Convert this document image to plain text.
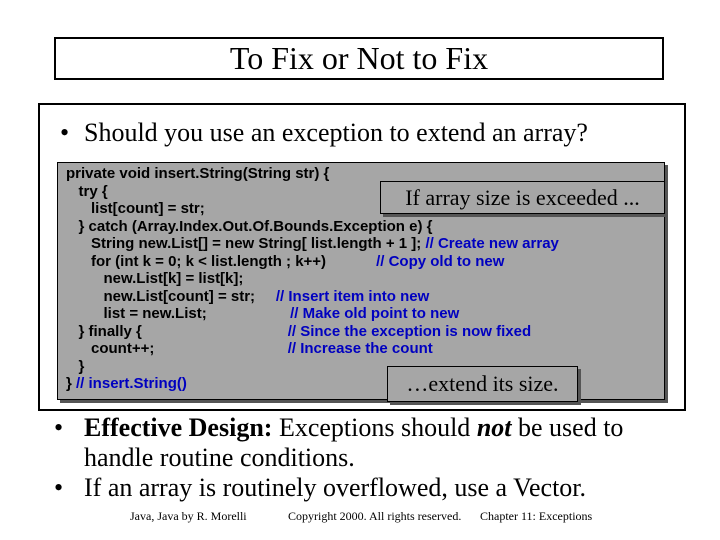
To Fix or Not to Fix
• Should you use an exception to extend an array?
private void insert.String(String str) {
try {
list[count] = str;
} catch (Array.Index.Out.Of.Bounds.Exception e) {
String new.List[] = new String[ list.length + 1 ]; // Create new array
for (int k = 0; k < list.length ; k++)            // Copy old to new
new.List[k] = list[k];
new.List[count] = str;     // Insert item into new
list = new.List;                    // Make old point to new
} finally {                                   // Since the exception is now fixed
count++;                                // Increase the count
}
} // insert.String()
If array size is exceeded ...
…extend its size.
• Effective Design: Exceptions should not be used to handle routine conditions.
• If an array is routinely overflowed, use a Vector.
Java, Java by R. Morelli	Copyright 2000. All rights reserved. Chapter 11: Exceptions
